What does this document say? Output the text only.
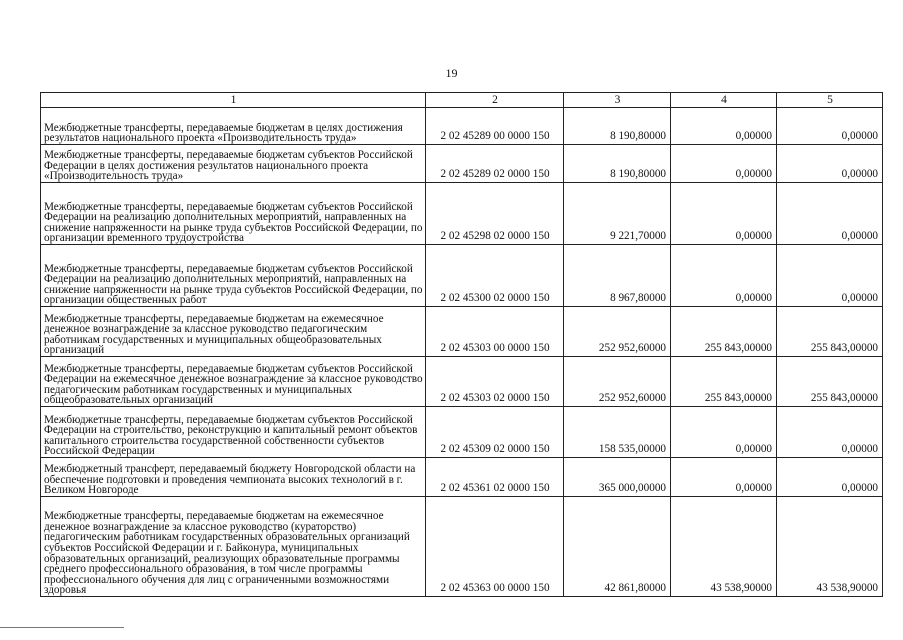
19
1	2	3	4	5
Межбюджетные трансферты, передаваемые бюджетам в целях достижения результатов национального проекта «Производительность труда»	2 02 45289 00 0000 150	8 190,80000	0,00000	0,00000
Межбюджетные трансферты, передаваемые бюджетам субъектов Российской Федерации в целях достижения результатов национального проекта «Производительность труда»	2 02 45289 02 0000 150	8 190,80000	0,00000	0,00000
Межбюджетные трансферты, передаваемые бюджетам субъектов Российской Федерации на реализацию дополнительных мероприятий, направленных на снижение напряженности на рынке труда субъектов Российской Федерации, по организации временного трудоустройства	2 02 45298 02 0000 150	9 221,70000	0,00000	0,00000
Межбюджетные трансферты, передаваемые бюджетам субъектов Российской Федерации на реализацию дополнительных мероприятий, направленных на снижение напряженности на рынке труда субъектов Российской Федерации, по организации общественных работ	2 02 45300 02 0000 150	8 967,80000	0,00000	0,00000
Межбюджетные трансферты, передаваемые бюджетам на ежемесячное денежное вознаграждение за классное руководство педагогическим работникам государственных и муниципальных общеобразовательных организаций	2 02 45303 00 0000 150	252 952,60000	255 843,00000	255 843,00000
Межбюджетные трансферты, передаваемые бюджетам субъектов Российской Федерации на ежемесячное денежное вознаграждение за классное руководство педагогическим работникам государственных и муниципальных общеобразовательных организаций	2 02 45303 02 0000 150	252 952,60000	255 843,00000	255 843,00000
Межбюджетные трансферты, передаваемые бюджетам субъектов Российской Федерации на строительство, реконструкцию и капитальный ремонт объектов капитального строительства государственной собственности субъектов Российской Федерации	2 02 45309 02 0000 150	158 535,00000	0,00000	0,00000
Межбюджетный трансферт, передаваемый бюджету Новгородской области на обеспечение подготовки и проведения чемпионата высоких технологий в г. Великом Новгороде	2 02 45361 02 0000 150	365 000,00000	0,00000	0,00000
Межбюджетные трансферты, передаваемые бюджетам на ежемесячное денежное вознаграждение за классное руководство (кураторство) педагогическим работникам государственных образовательных организаций субъектов Российской Федерации и г. Байконура, муниципальных образовательных организаций, реализующих образовательные программы среднего профессионального образования, в том числе программы профессионального обучения для лиц с ограниченными возможностями здоровья	2 02 45363 00 0000 150	42 861,80000	43 538,90000	43 538,90000
